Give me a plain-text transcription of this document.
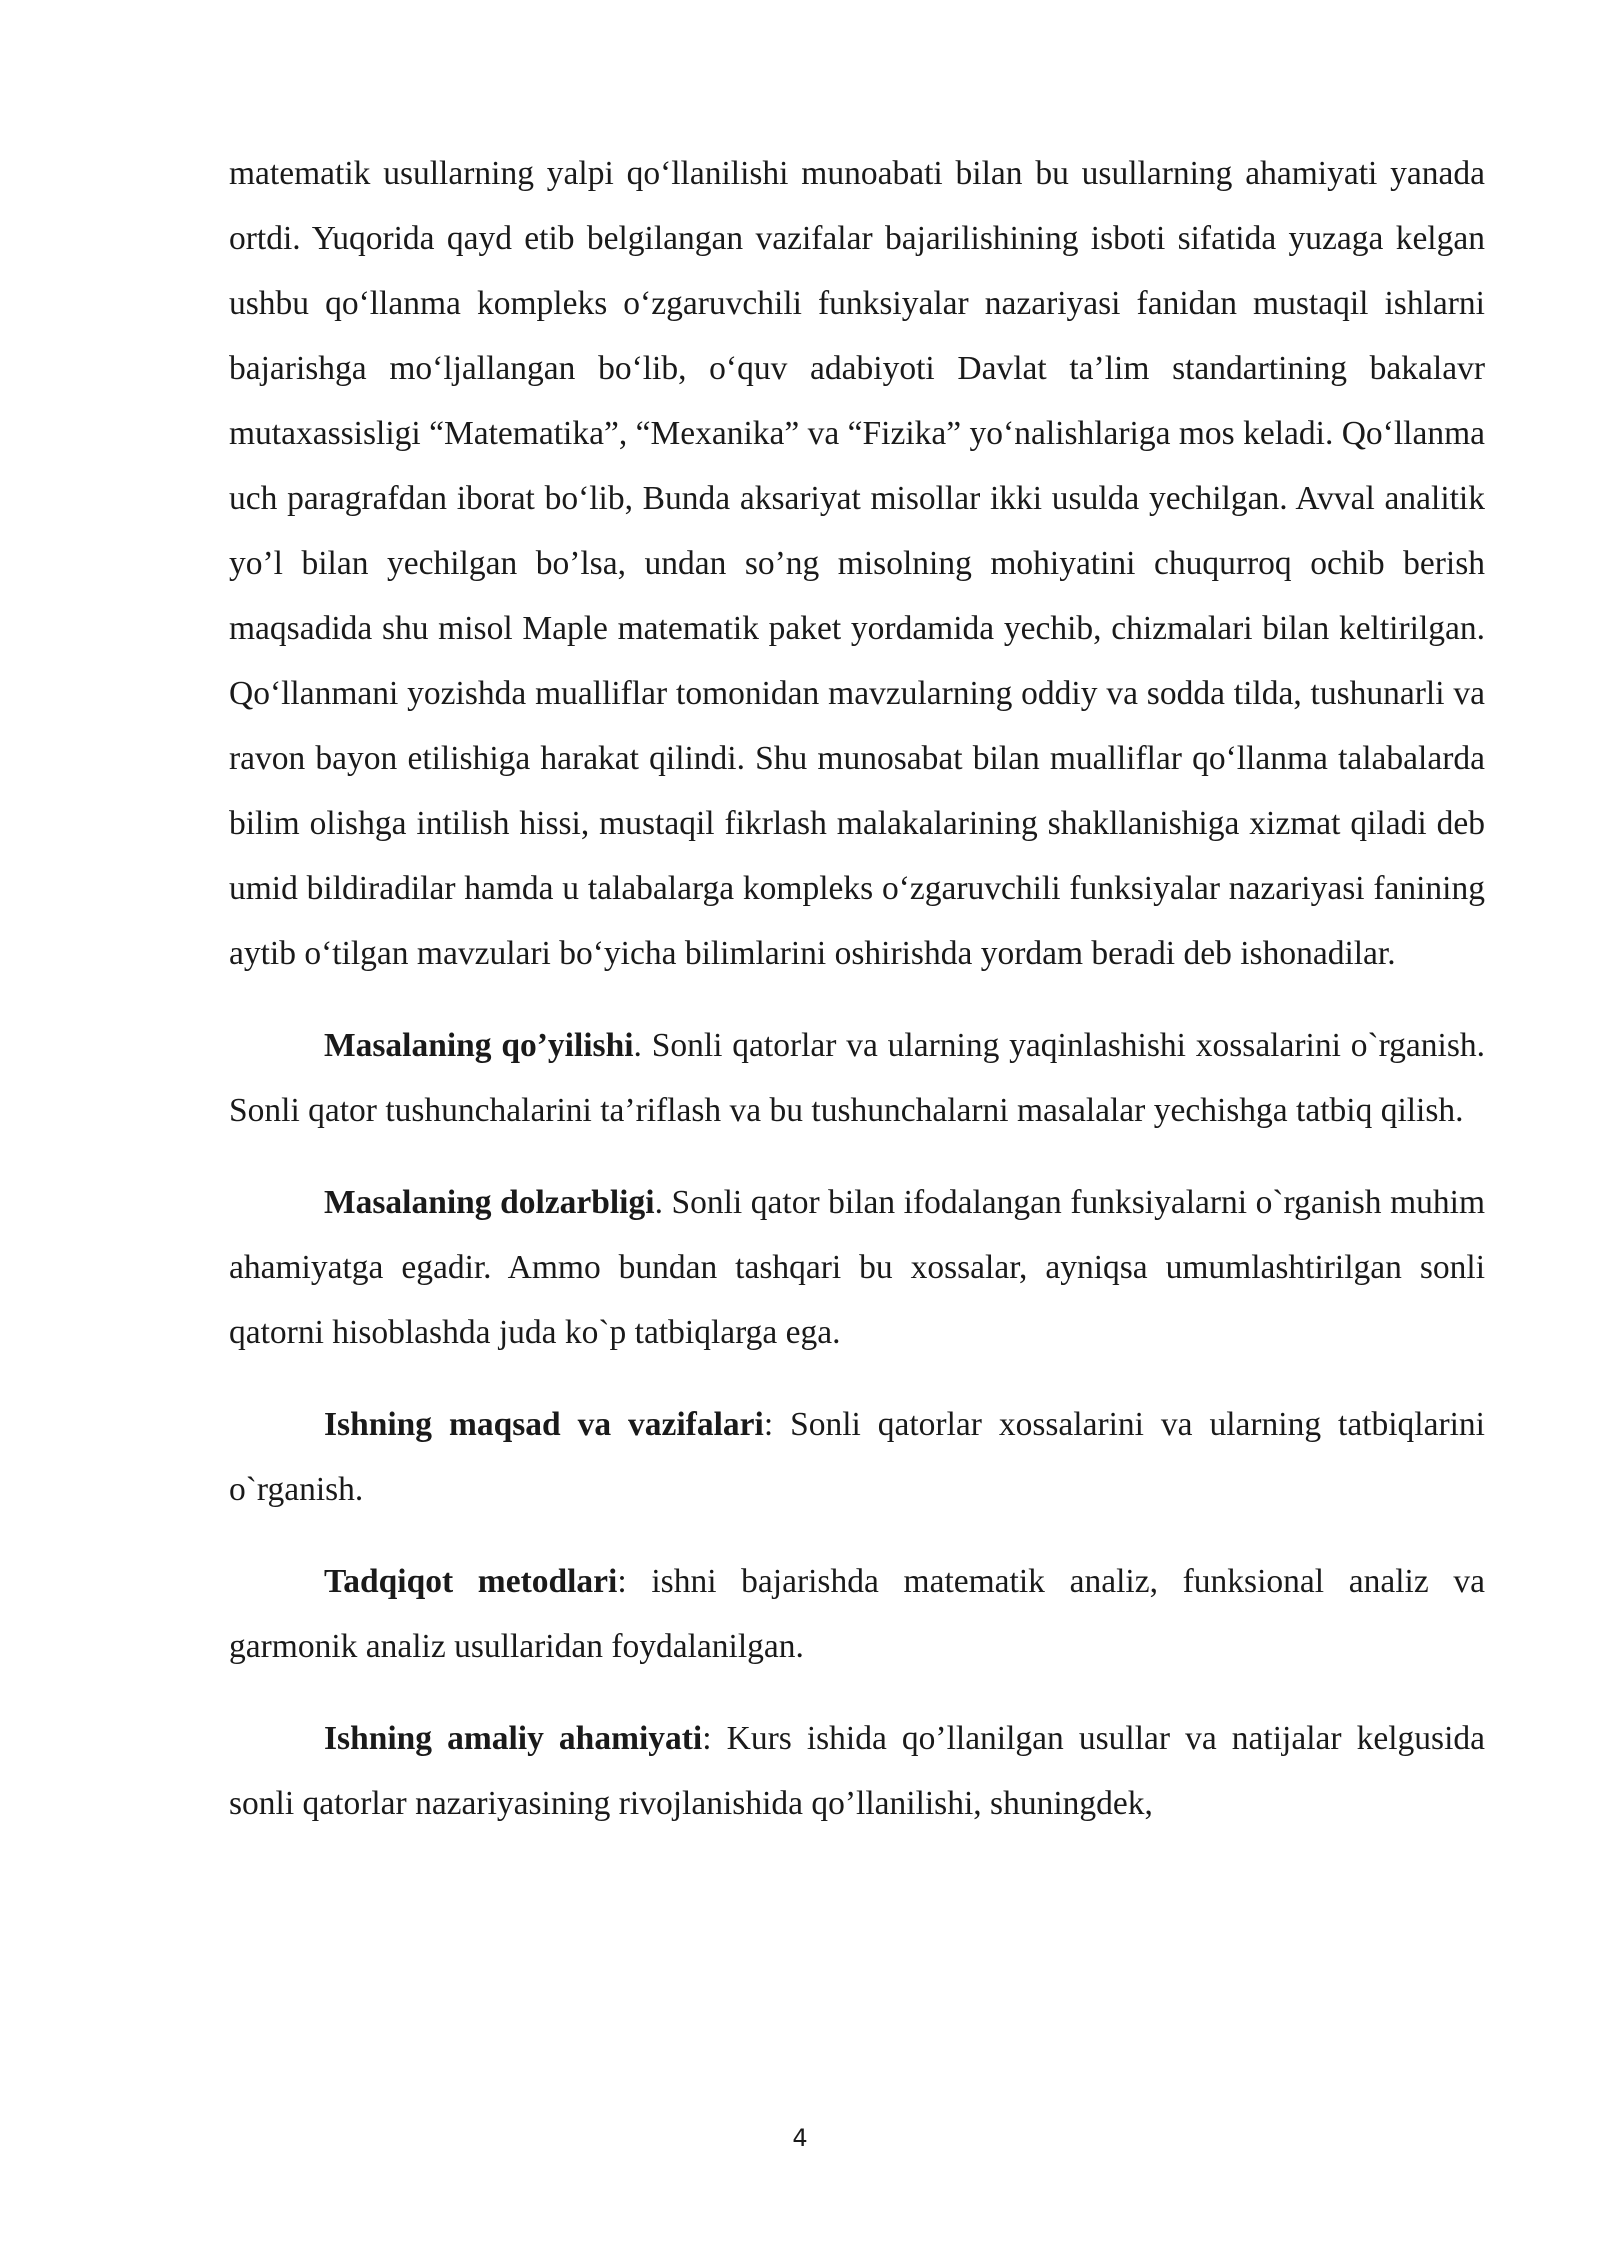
matematik usullarning yalpi qo‘llanilishi munoabati bilan bu usullarning ahamiyati yanada ortdi. Yuqorida qayd etib belgilangan vazifalar bajarilishining isboti sifatida yuzaga kelgan ushbu qo‘llanma kompleks o‘zgaruvchili funksiyalar nazariyasi fanidan mustaqil ishlarni bajarishga mo‘ljallangan bo‘lib, o‘quv adabiyoti Davlat ta’lim standartining bakalavr mutaxassisligi “Matematika”, “Mexanika” va “Fizika” yo‘nalishlariga mos keladi. Qo‘llanma uch paragrafdan iborat bo‘lib, Bunda aksariyat misollar ikki usulda yechilgan. Avval analitik yo’l bilan yechilgan bo’lsa, undan so’ng misolning mohiyatini chuqurroq ochib berish maqsadida shu misol Maple matematik paket yordamida yechib, chizmalari bilan keltirilgan. Qo‘llanmani yozishda mualliflar tomonidan mavzularning oddiy va sodda tilda, tushunarli va ravon bayon etilishiga harakat qilindi. Shu munosabat bilan mualliflar qo‘llanma talabalarda bilim olishga intilish hissi, mustaqil fikrlash malakalarining shakllanishiga xizmat qiladi deb umid bildiradilar hamda u talabalarga kompleks o‘zgaruvchili funksiyalar nazariyasi fanining aytib o‘tilgan mavzulari bo‘yicha bilimlarini oshirishda yordam beradi deb ishonadilar.

Masalaning qo’yilishi. Sonli qatorlar va ularning yaqinlashishi xossalarini o`rganish. Sonli qator tushunchalarini ta’riflash va bu tushunchalarni masalalar yechishga tatbiq qilish.

Masalaning dolzarbligi. Sonli qator bilan ifodalangan funksiyalarni o`rganish muhim ahamiyatga egadir. Ammo bundan tashqari bu xossalar, ayniqsa umumlashtirilgan sonli qatorni hisoblashda juda ko`p tatbiqlarga ega.

Ishning maqsad va vazifalari: Sonli qatorlar xossalarini va ularning tatbiqlarini o`rganish.

Tadqiqot metodlari: ishni bajarishda matematik analiz, funksional analiz va garmonik analiz usullaridan foydalanilgan.

Ishning amaliy ahamiyati: Kurs ishida qo’llanilgan usullar va natijalar kelgusida sonli qatorlar nazariyasining rivojlanishida qo’llanilishi, shuningdek,

4
